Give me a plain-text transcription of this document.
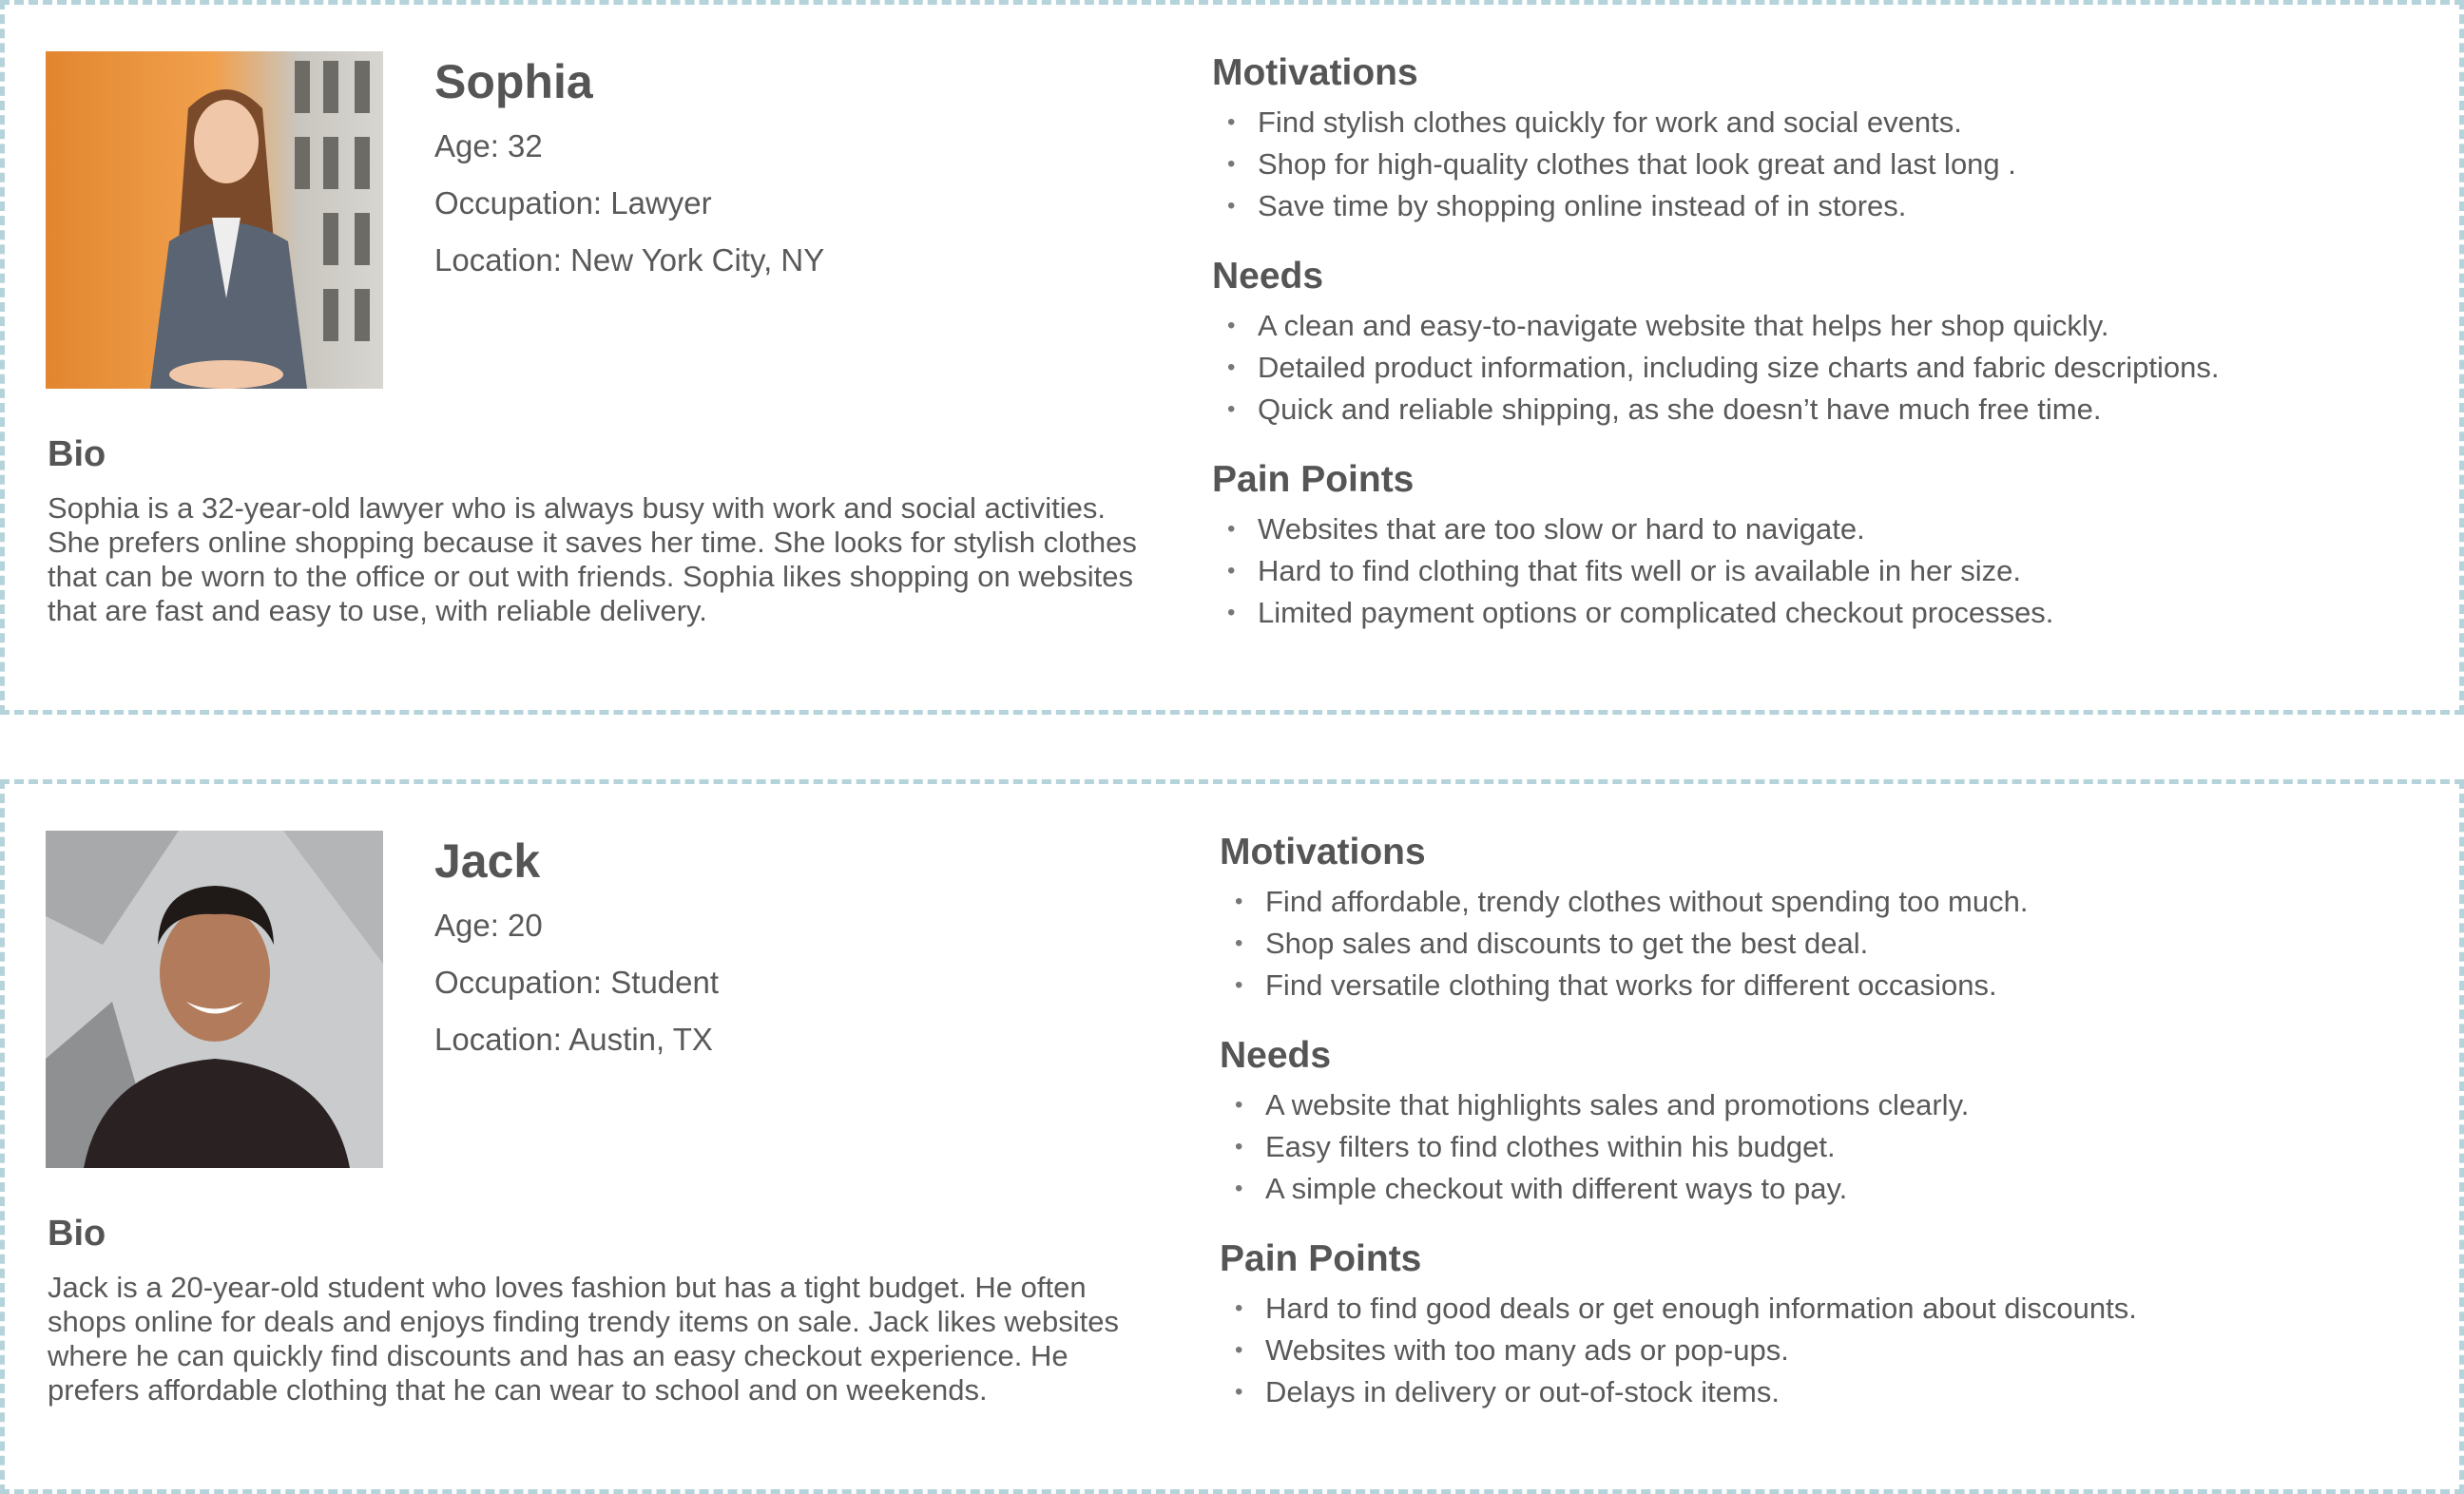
Sophia
Age: 32
Occupation: Lawyer
Location: New York City, NY
Bio
Sophia is a 32-year-old lawyer who is always busy with work and social activities. She prefers online shopping because it saves her time. She looks for stylish clothes that can be worn to the office or out with friends. Sophia likes shopping on websites that are fast and easy to use, with reliable delivery.
Motivations
• Find stylish clothes quickly for work and social events.
• Shop for high-quality clothes that look great and last long .
• Save time by shopping online instead of in stores.
Needs
• A clean and easy-to-navigate website that helps her shop quickly.
• Detailed product information, including size charts and fabric descriptions.
• Quick and reliable shipping, as she doesn’t have much free time.
Pain Points
• Websites that are too slow or hard to navigate.
• Hard to find clothing that fits well or is available in her size.
• Limited payment options or complicated checkout processes.
Jack
Age: 20
Occupation: Student
Location: Austin, TX
Bio
Jack is a 20-year-old student who loves fashion but has a tight budget. He often shops online for deals and enjoys finding trendy items on sale. Jack likes websites where he can quickly find discounts and has an easy checkout experience. He prefers affordable clothing that he can wear to school and on weekends.
Motivations
• Find affordable, trendy clothes without spending too much.
• Shop sales and discounts to get the best deal.
• Find versatile clothing that works for different occasions.
Needs
• A website that highlights sales and promotions clearly.
• Easy filters to find clothes within his budget.
• A simple checkout with different ways to pay.
Pain Points
• Hard to find good deals or get enough information about discounts.
• Websites with too many ads or pop-ups.
• Delays in delivery or out-of-stock items.
